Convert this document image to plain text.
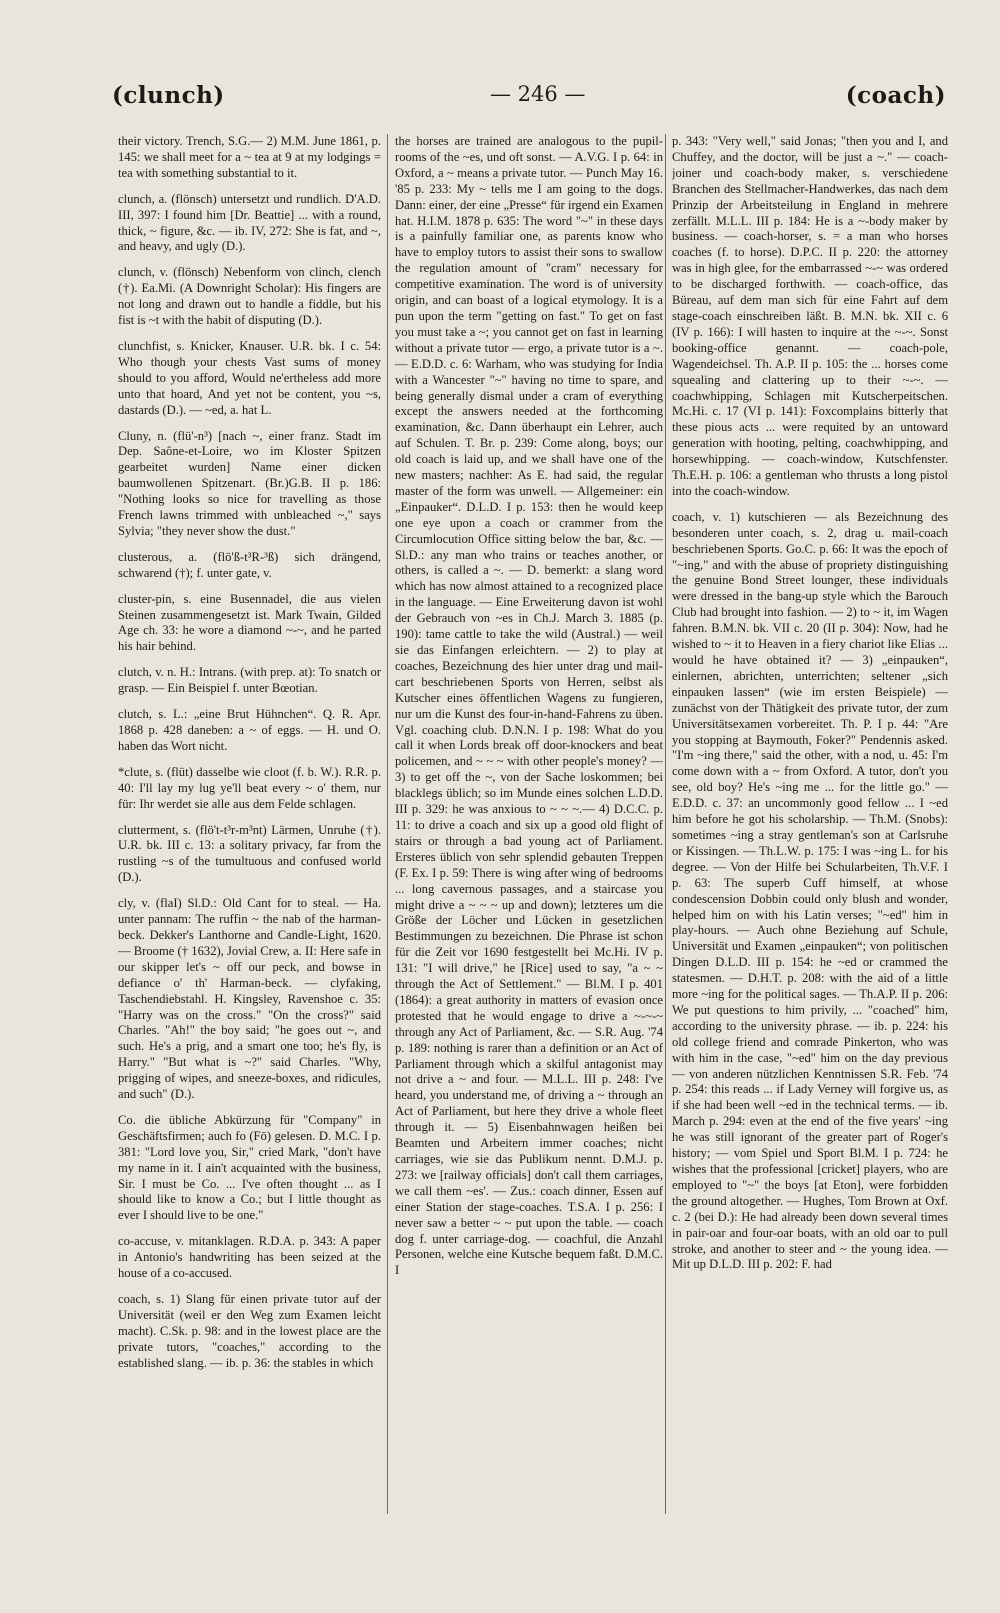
(clunch)	— 246 —	(coach)

their victory. Trench, S.G.— 2) M.M. June 1861, p. 145: we shall meet for a ~ tea at 9 at my lodgings = tea with something substantial to it.

clunch, a. (flönsch) untersetzt und rundlich. D'A.D. III, 397: I found him [Dr. Beattie] ... with a round, thick, ~ figure, &c. — ib. IV, 272: She is fat, and ~, and heavy, and ugly (D.).

clunch, v. (flönsch) Nebenform von clinch, clench (†). Ea.Mi. (A Downright Scholar): His fingers are not long and drawn out to handle a fiddle, but his fist is ~t with the habit of disputing (D.).

clunchfist, s. Knicker, Knauser. U.R. bk. I c. 54: Who though your chests Vast sums of money should to you afford, Would ne'ertheless add more unto that hoard, And yet not be content, you ~s, dastards (D.). — ~ed, a. hat L.

Cluny, n. (flü'-n³) [nach ~, einer franz. Stadt im Dep. Saône-et-Loire, wo im Kloster Spitzen gearbeitet wurden] Name einer dicken baumwollenen Spitzenart. (Br.)G.B. II p. 186: "Nothing looks so nice for travelling as those French lawns trimmed with unbleached ~," says Sylvia; "they never show the dust."

clusterous, a. (flö'ß-t³R-³ß) sich drängend, schwarend (†); f. unter gate, v.

cluster-pin, s. eine Busennadel, die aus vielen Steinen zusammengesetzt ist. Mark Twain, Gilded Age ch. 33: he wore a diamond ~-~, and he parted his hair behind.

clutch, v. n. H.: Intrans. (with prep. at): To snatch or grasp. — Ein Beispiel f. unter Bœotian.

clutch, s. L.: „eine Brut Hühnchen“. Q. R. Apr. 1868 p. 428 daneben: a ~ of eggs. — H. und O. haben das Wort nicht.

*clute, s. (flüt) dasselbe wie cloot (f. b. W.). R.R. p. 40: I'll lay my lug ye'll beat every ~ o' them, nur für: Ihr werdet sie alle aus dem Felde schlagen.

clutterment, s. (flö't-t³r-m³nt) Lärmen, Unruhe (†). U.R. bk. III c. 13: a solitary privacy, far from the rustling ~s of the tumultuous and confused world (D.).

cly, v. (flaI) Sl.D.: Old Cant for to steal. — Ha. unter pannam: The ruffin ~ the nab of the harman-beck. Dekker's Lanthorne and Candle-Light, 1620. — Broome († 1632), Jovial Crew, a. II: Here safe in our skipper let's ~ off our peck, and bowse in defiance o' th' Harman-beck. — clyfaking, Taschendiebstahl. H. Kingsley, Ravenshoe c. 35: "Harry was on the cross." "On the cross?" said Charles. "Ah!" the boy said; "he goes out ~, and such. He's a prig, and a smart one too; he's fly, is Harry." "But what is ~?" said Charles. "Why, prigging of wipes, and sneeze-boxes, and ridicules, and such" (D.).

Co. die übliche Abkürzung für "Company" in Geschäftsfirmen; auch fo (Fō) gelesen. D. M.C. I p. 381: "Lord love you, Sir," cried Mark, "don't have my name in it. I ain't acquainted with the business, Sir. I must be Co. ... I've often thought ... as I should like to know a Co.; but I little thought as ever I should live to be one."

co-accuse, v. mitanklagen. R.D.A. p. 343: A paper in Antonio's handwriting has been seized at the house of a co-accused.

coach, s. 1) Slang für einen private tutor auf der Universität (weil er den Weg zum Examen leicht macht). C.Sk. p. 98: and in the lowest place are the private tutors, "coaches," according to the established slang. — ib. p. 36: the stables in which

the horses are trained are analogous to the pupil-rooms of the ~es, und oft sonst. — A.V.G. I p. 64: in Oxford, a ~ means a private tutor. — Punch May 16. '85 p. 233: My ~ tells me I am going to the dogs. Dann: einer, der eine „Presse“ für irgend ein Examen hat. H.I.M. 1878 p. 635: The word "~" in these days is a painfully familiar one, as parents know who have to employ tutors to assist their sons to swallow the regulation amount of "cram" necessary for competitive examination. The word is of university origin, and can boast of a logical etymology. It is a pun upon the term "getting on fast." To get on fast you must take a ~; you cannot get on fast in learning without a private tutor — ergo, a private tutor is a ~. — E.D.D. c. 6: Warham, who was studying for India with a Wancester "~" having no time to spare, and being generally dismal under a cram of everything except the answers needed at the forthcoming examination, &c. Dann überhaupt ein Lehrer, auch auf Schulen. T. Br. p. 239: Come along, boys; our old coach is laid up, and we shall have one of the new masters; nachher: As E. had said, the regular master of the form was unwell. — Allgemeiner: ein „Einpauker“. D.L.D. I p. 153: then he would keep one eye upon a coach or crammer from the Circumlocution Office sitting below the bar, &c. — Sl.D.: any man who trains or teaches another, or others, is called a ~. — D. bemerkt: a slang word which has now almost attained to a recognized place in the language. — Eine Erweiterung davon ist wohl der Gebrauch von ~es in Ch.J. March 3. 1885 (p. 190): tame cattle to take the wild (Austral.) — weil sie das Einfangen erleichtern. — 2) to play at coaches, Bezeichnung des hier unter drag und mail-cart beschriebenen Sports von Herren, selbst als Kutscher eines öffentlichen Wagens zu fungieren, nur um die Kunst des four-in-hand-Fahrens zu üben. Vgl. coaching club. D.N.N. I p. 198: What do you call it when Lords break off door-knockers and beat policemen, and ~ ~ ~ with other people's money? — 3) to get off the ~, von der Sache loskommen; bei blacklegs üblich; so im Munde eines solchen L.D.D. III p. 329: he was anxious to ~ ~ ~.— 4) D.C.C. p. 11: to drive a coach and six up a good old flight of stairs or through a bad young act of Parliament. Ersteres üblich von sehr splendid gebauten Treppen (F. Ex. I p. 59: There is wing after wing of bedrooms ... long cavernous passages, and a staircase you might drive a ~ ~ ~ up and down); letzteres um die Größe der Löcher und Lücken in gesetzlichen Bestimmungen zu bezeichnen. Die Phrase ist schon für die Zeit vor 1690 festgestellt bei Mc.Hi. IV p. 131: "I will drive," he [Rice] used to say, "a ~ ~ through the Act of Settlement." — Bl.M. I p. 401 (1864): a great authority in matters of evasion once protested that he would engage to drive a ~-~-~ through any Act of Parliament, &c. — S.R. Aug. '74 p. 189: nothing is rarer than a definition or an Act of Parliament through which a skilful antagonist may not drive a ~ and four. — M.L.L. III p. 248: I've heard, you understand me, of driving a ~ through an Act of Parliament, but here they drive a whole fleet through it. — 5) Eisenbahnwagen heißen bei Beamten und Arbeitern immer coaches; nicht carriages, wie sie das Publikum nennt. D.M.J. p. 273: we [railway officials] don't call them carriages, we call them ~es'. — Zus.: coach dinner, Essen auf einer Station der stage-coaches. T.S.A. I p. 256: I never saw a better ~ ~ put upon the table. — coach dog f. unter carriage-dog. — coachful, die Anzahl Personen, welche eine Kutsche bequem faßt. D.M.C. I

p. 343: "Very well," said Jonas; "then you and I, and Chuffey, and the doctor, will be just a ~." — coach-joiner und coach-body maker, s. verschiedene Branchen des Stellmacher-Handwerkes, das nach dem Prinzip der Arbeitsteilung in England in mehrere zerfällt. M.L.L. III p. 184: He is a ~-body maker by business. — coach-horser, s. = a man who horses coaches (f. to horse). D.P.C. II p. 220: the attorney was in high glee, for the embarrassed ~-~ was ordered to be discharged forthwith. — coach-office, das Büreau, auf dem man sich für eine Fahrt auf dem stage-coach einschreiben läßt. B. M.N. bk. XII c. 6 (IV p. 166): I will hasten to inquire at the ~-~. Sonst booking-office genannt. — coach-pole, Wagendeichsel. Th. A.P. II p. 105: the ... horses come squealing and clattering up to their ~-~. — coachwhipping, Schlagen mit Kutscherpeitschen. Mc.Hi. c. 17 (VI p. 141): Foxcomplains bitterly that these pious acts ... were requited by an untoward generation with hooting, pelting, coachwhipping, and horsewhipping. — coach-window, Kutschfenster. Th.E.H. p. 106: a gentleman who thrusts a long pistol into the coach-window.

coach, v. 1) kutschieren — als Bezeichnung des besonderen unter coach, s. 2, drag u. mail-coach beschriebenen Sports. Go.C. p. 66: It was the epoch of "~ing," and with the abuse of propriety distinguishing the genuine Bond Street lounger, these individuals were dressed in the bang-up style which the Barouch Club had brought into fashion. — 2) to ~ it, im Wagen fahren. B.M.N. bk. VII c. 20 (II p. 304): Now, had he wished to ~ it to Heaven in a fiery chariot like Elias ... would he have obtained it? — 3) „einpauken“, einlernen, abrichten, unterrichten; seltener „sich einpauken lassen“ (wie im ersten Beispiele) — zunächst von der Thätigkeit des private tutor, der zum Universitätsexamen vorbereitet. Th. P. I p. 44: "Are you stopping at Baymouth, Foker?" Pendennis asked. "I'm ~ing there," said the other, with a nod, u. 45: I'm come down with a ~ from Oxford. A tutor, don't you see, old boy? He's ~ing me ... for the little go." — E.D.D. c. 37: an uncommonly good fellow ... I ~ed him before he got his scholarship. — Th.M. (Snobs): sometimes ~ing a stray gentleman's son at Carlsruhe or Kissingen. — Th.L.W. p. 175: I was ~ing L. for his degree. — Von der Hilfe bei Schularbeiten, Th.V.F. I p. 63: The superb Cuff himself, at whose condescension Dobbin could only blush and wonder, helped him on with his Latin verses; "~ed" him in play-hours. — Auch ohne Beziehung auf Schule, Universität und Examen „einpauken“; von politischen Dingen D.L.D. III p. 154: he ~ed or crammed the statesmen. — D.H.T. p. 208: with the aid of a little more ~ing for the political sages. — Th.A.P. II p. 206: We put questions to him privily, ... "coached" him, according to the university phrase. — ib. p. 224: his old college friend and comrade Pinkerton, who was with him in the case, "~ed" him on the day previous — von anderen nützlichen Kenntnissen S.R. Feb. '74 p. 254: this reads ... if Lady Verney will forgive us, as if she had been well ~ed in the technical terms. — ib. March p. 294: even at the end of the five years' ~ing he was still ignorant of the greater part of Roger's history; — vom Spiel und Sport Bl.M. I p. 724: he wishes that the professional [cricket] players, who are employed to "~" the boys [at Eton], were forbidden the ground altogether. — Hughes, Tom Brown at Oxf. c. 2 (bei D.): He had already been down several times in pair-oar and four-oar boats, with an old oar to pull stroke, and another to steer and ~ the young idea. — Mit up D.L.D. III p. 202: F. had
